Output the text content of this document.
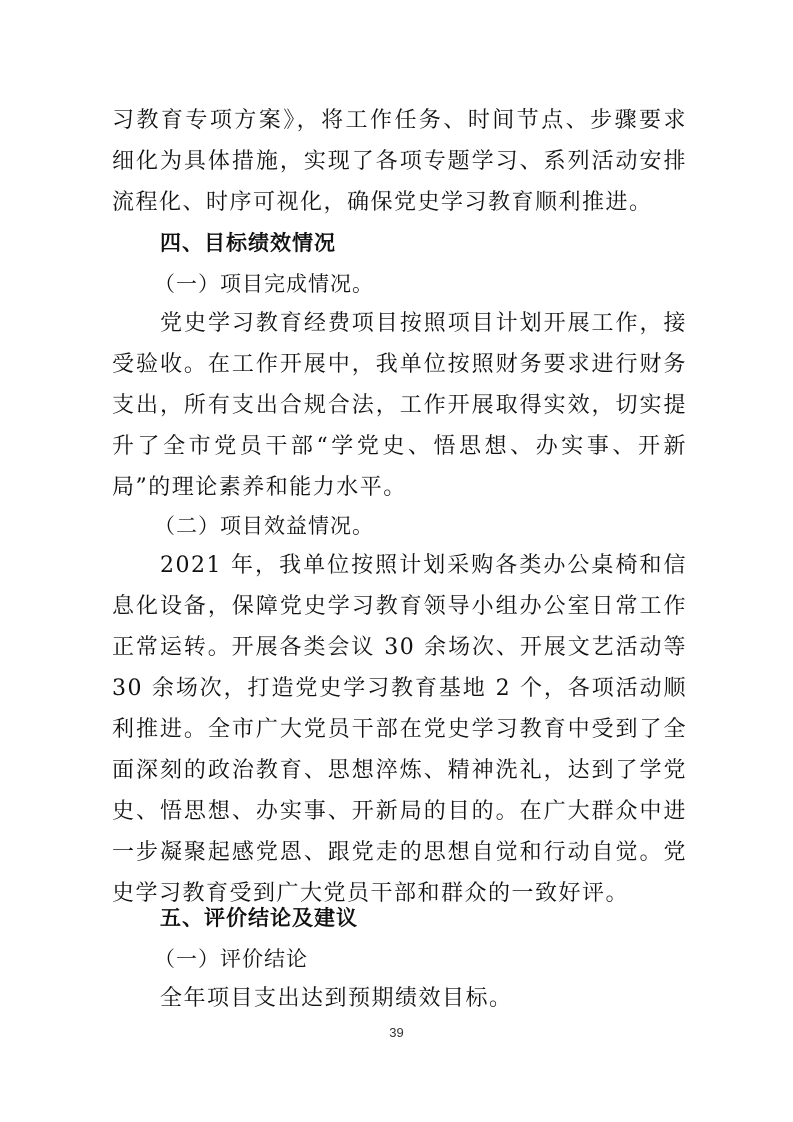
习教育专项方案》，将工作任务、时间节点、步骤要求细化为具体措施，实现了各项专题学习、系列活动安排流程化、时序可视化，确保党史学习教育顺利推进。
四、目标绩效情况
（一）项目完成情况。
党史学习教育经费项目按照项目计划开展工作，接受验收。在工作开展中，我单位按照财务要求进行财务支出，所有支出合规合法，工作开展取得实效，切实提升了全市党员干部“学党史、悟思想、办实事、开新局”的理论素养和能力水平。
（二）项目效益情况。
2021 年，我单位按照计划采购各类办公桌椅和信息化设备，保障党史学习教育领导小组办公室日常工作正常运转。开展各类会议 30 余场次、开展文艺活动等 30 余场次，打造党史学习教育基地 2 个，各项活动顺利推进。全市广大党员干部在党史学习教育中受到了全面深刻的政治教育、思想淬炼、精神洗礼，达到了学党史、悟思想、办实事、开新局的目的。在广大群众中进一步凝聚起感党恩、跟党走的思想自觉和行动自觉。党史学习教育受到广大党员干部和群众的一致好评。
五、评价结论及建议
（一）评价结论
全年项目支出达到预期绩效目标。
39
